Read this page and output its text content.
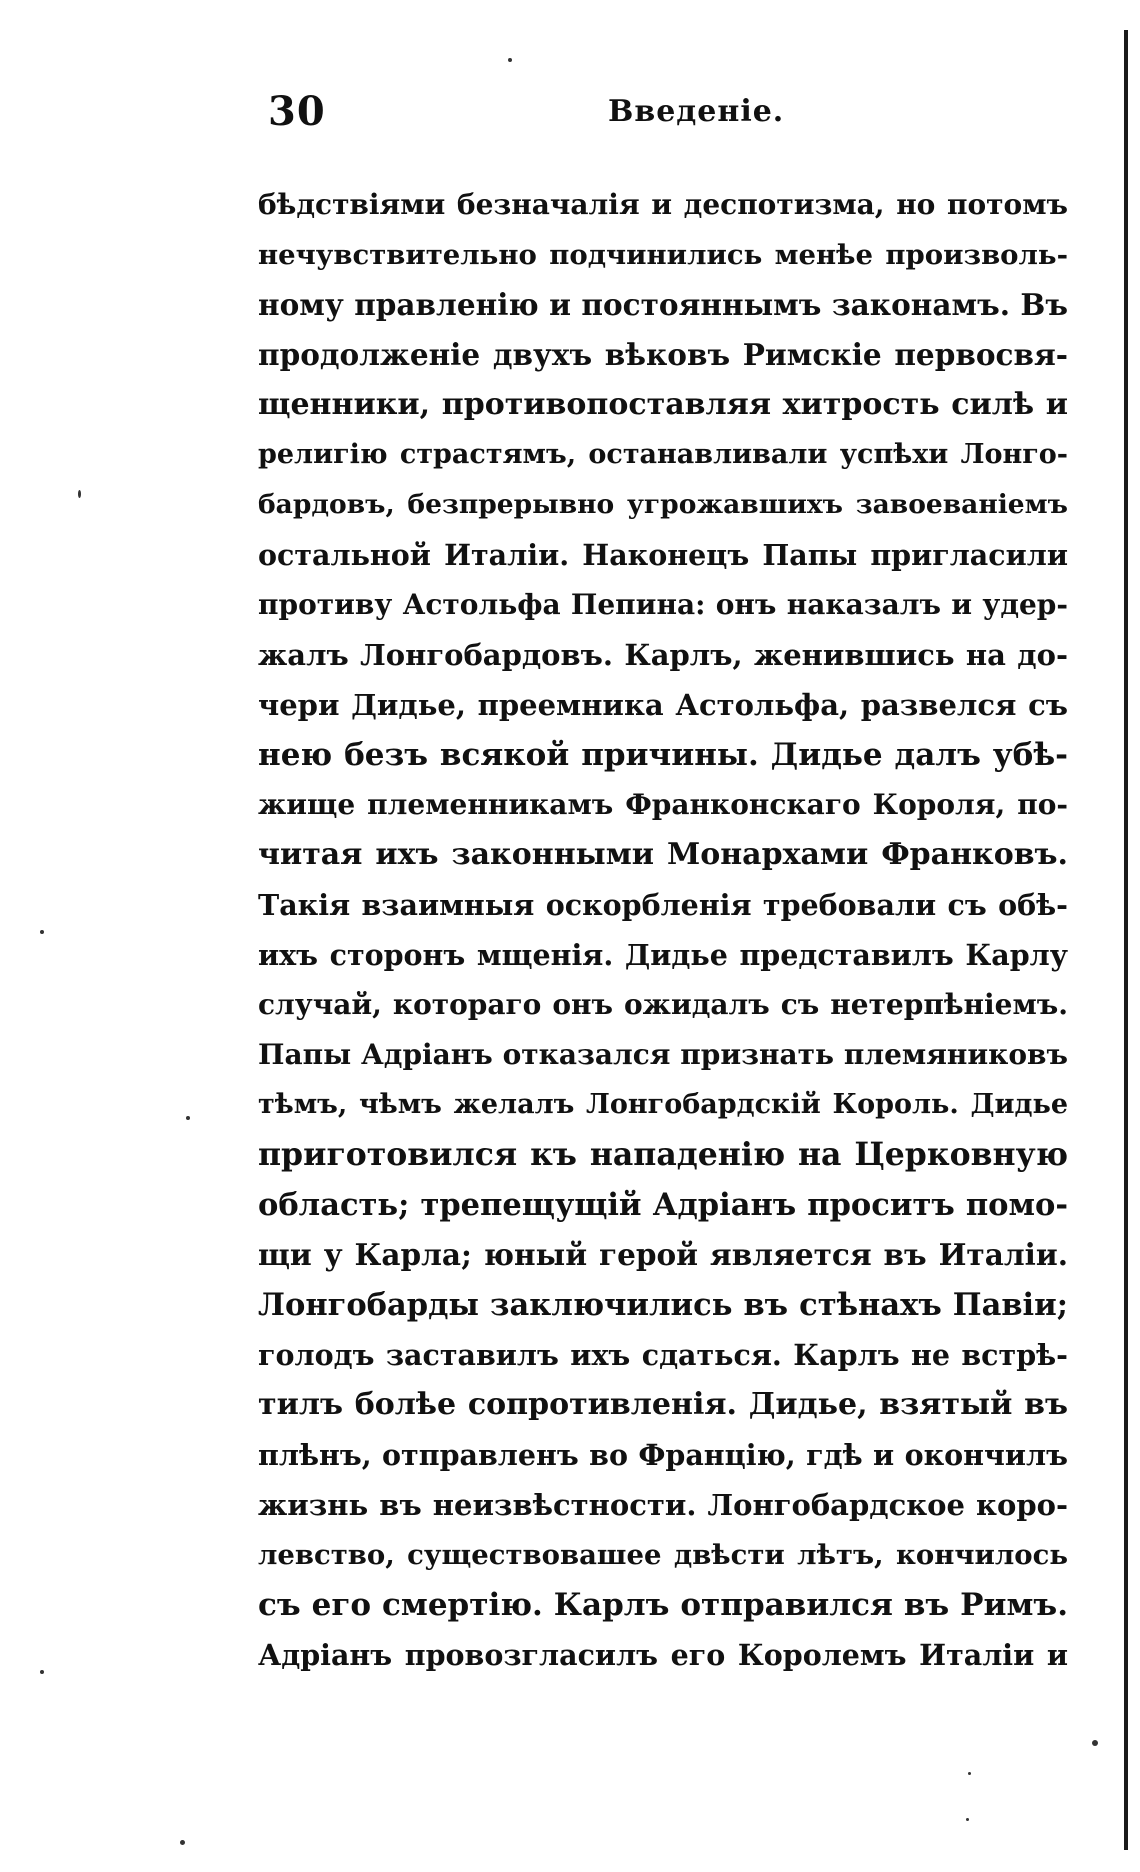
30	Введенiе.
бѣдствiями безначалiя и деспотизма, но потомъ
нечувствительно подчинились менѣе произволь-
ному правленiю и постояннымъ законамъ. Въ
продолженiе двухъ вѣковъ Римскiе первосвя-
щенники, противопоставляя хитрость силѣ и
религiю страстямъ, останавливали успѣхи Лонго-
бардовъ, безпрерывно угрожавшихъ завоеванiемъ
остальной Италiи. Наконецъ Папы пригласили
противу Астольфа Пепина: онъ наказалъ и удер-
жалъ Лонгобардовъ. Карлъ, женившись на до-
чери Дидье, преемника Астольфа, развелся съ
нею безъ всякой причины. Дидье далъ убѣ-
жище племенникамъ Франконскаго Короля, по-
читая ихъ законными Монархами Франковъ.
Такiя взаимныя оскорбленiя требовали съ обѣ-
ихъ сторонъ мщенiя. Дидье представилъ Карлу
случай, котораго онъ ожидалъ съ нетерпѣнiемъ.
Папы Адрiанъ отказался признать племяниковъ
тѣмъ, чѣмъ желалъ Лонгобардскiй Король. Дидье
приготовился къ нападенiю на Церковную
область; трепещущiй Адрiанъ проситъ помо-
щи у Карла; юный герой является въ Италiи.
Лонгобарды заключились въ стѣнахъ Павiи;
голодъ заставилъ ихъ сдаться. Карлъ не встрѣ-
тилъ болѣе сопротивленiя. Дидье, взятый въ
плѣнъ, отправленъ во Францiю, гдѣ и окончилъ
жизнь въ неизвѣстности. Лонгобардское коро-
левство, существовашее двѣсти лѣтъ, кончилось
съ его смертiю. Карлъ отправился въ Римъ.
Адрiанъ провозгласилъ его Королемъ Италiи и
